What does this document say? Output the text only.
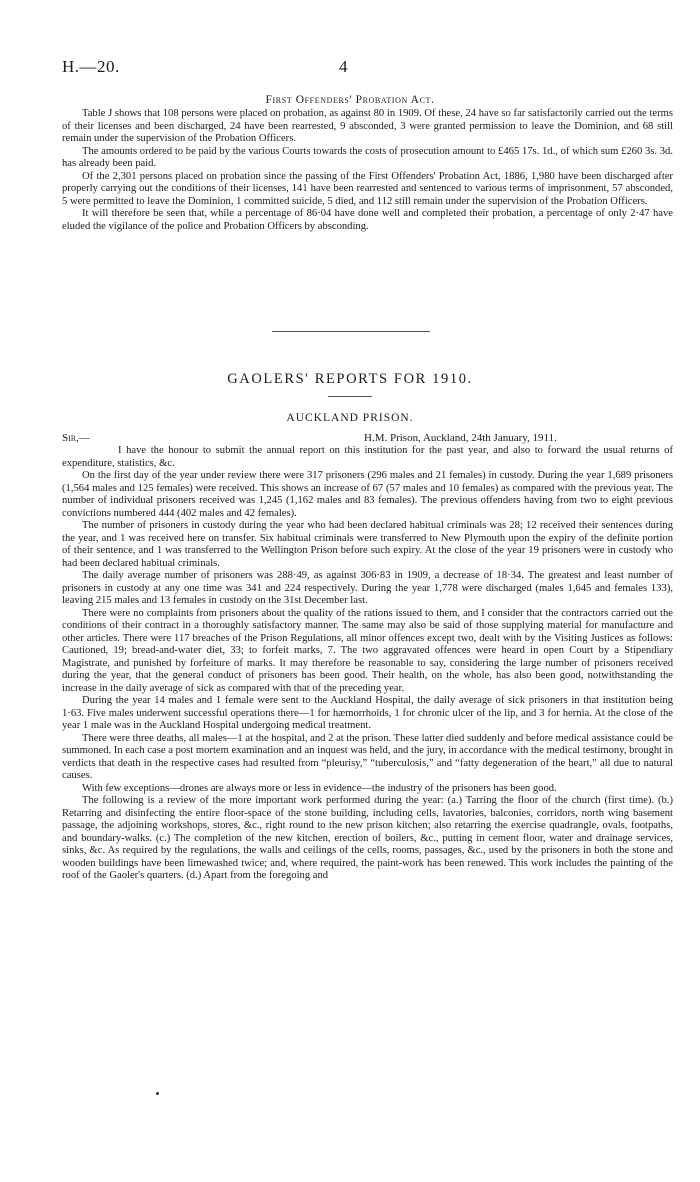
H.—20.	4
First Offenders' Probation Act.

Table J shows that 108 persons were placed on probation, as against 80 in 1909. Of these, 24 have so far satisfactorily carried out the terms of their licenses and been discharged, 24 have been rearrested, 9 absconded, 3 were granted permission to leave the Dominion, and 68 still remain under the supervision of the Probation Officers.

The amounts ordered to be paid by the various Courts towards the costs of prosecution amount to £465 17s. 1d., of which sum £260 3s. 3d. has already been paid.

Of the 2,301 persons placed on probation since the passing of the First Offenders' Probation Act, 1886, 1,980 have been discharged after properly carrying out the conditions of their licenses, 141 have been rearrested and sentenced to various terms of imprisonment, 57 absconded, 5 were permitted to leave the Dominion, 1 committed suicide, 5 died, and 112 still remain under the supervision of the Probation Officers.

It will therefore be seen that, while a percentage of 86·04 have done well and completed their probation, a percentage of only 2·47 have eluded the vigilance of the police and Probation Officers by absconding.

GAOLERS' REPORTS FOR 1910.
AUCKLAND PRISON.
Sir,—	H.M. Prison, Auckland, 24th January, 1911.

I have the honour to submit the annual report on this institution for the past year, and also to forward the usual returns of expenditure, statistics, &c.

On the first day of the year under review there were 317 prisoners (296 males and 21 females) in custody. During the year 1,689 prisoners (1,564 males and 125 females) were received. This shows an increase of 67 (57 males and 10 females) as compared with the previous year. The number of individual prisoners received was 1,245 (1,162 males and 83 females). The previous offenders having from two to eight previous convictions numbered 444 (402 males and 42 females).

The number of prisoners in custody during the year who had been declared habitual criminals was 28; 12 received their sentences during the year, and 1 was received here on transfer. Six habitual criminals were transferred to New Plymouth upon the expiry of the definite portion of their sentence, and 1 was transferred to the Wellington Prison before such expiry. At the close of the year 19 prisoners were in custody who had been declared habitual criminals.

The daily average number of prisoners was 288·49, as against 306·83 in 1909, a decrease of 18·34. The greatest and least number of prisoners in custody at any one time was 341 and 224 respectively. During the year 1,778 were discharged (males 1,645 and females 133), leaving 215 males and 13 females in custody on the 31st December last.

There were no complaints from prisoners about the quality of the rations issued to them, and I consider that the contractors carried out the conditions of their contract in a thoroughly satisfactory manner. The same may also be said of those supplying material for manufacture and other articles. There were 117 breaches of the Prison Regulations, all minor offences except two, dealt with by the Visiting Justices as follows: Cautioned, 19; bread-and-water diet, 33; to forfeit marks, 7. The two aggravated offences were heard in open Court by a Stipendiary Magistrate, and punished by forfeiture of marks. It may therefore be reasonable to say, considering the large number of prisoners received during the year, that the general conduct of prisoners has been good. Their health, on the whole, has also been good, notwithstanding the increase in the daily average of sick as compared with that of the preceding year.

During the year 14 males and 1 female were sent to the Auckland Hospital, the daily average of sick prisoners in that institution being 1·63. Five males underwent successful operations there—1 for hæmorrhoids, 1 for chronic ulcer of the lip, and 3 for hernia. At the close of the year 1 male was in the Auckland Hospital undergoing medical treatment.

There were three deaths, all males—1 at the hospital, and 2 at the prison. These latter died suddenly and before medical assistance could be summoned. In each case a post mortem examination and an inquest was held, and the jury, in accordance with the medical testimony, brought in verdicts that death in the respective cases had resulted from “pleurisy,” “tuberculosis,” and “fatty degeneration of the heart,” all due to natural causes.

With few exceptions—drones are always more or less in evidence—the industry of the prisoners has been good.

The following is a review of the more important work performed during the year: (a.) Tarring the floor of the church (first time). (b.) Retarring and disinfecting the entire floor-space of the stone building, including cells, lavatories, balconies, corridors, north wing basement passage, the adjoining workshops, stores, &c., right round to the new prison kitchen; also retarring the exercise quadrangle, ovals, footpaths, and boundary-walks. (c.) The completion of the new kitchen, erection of boilers, &c., putting in cement floor, water and drainage services, sinks, &c. As required by the regulations, the walls and ceilings of the cells, rooms, passages, &c., used by the prisoners in both the stone and wooden buildings have been limewashed twice; and, where required, the paint-work has been renewed. This work includes the painting of the roof of the Gaoler's quarters. (d.) Apart from the foregoing and
